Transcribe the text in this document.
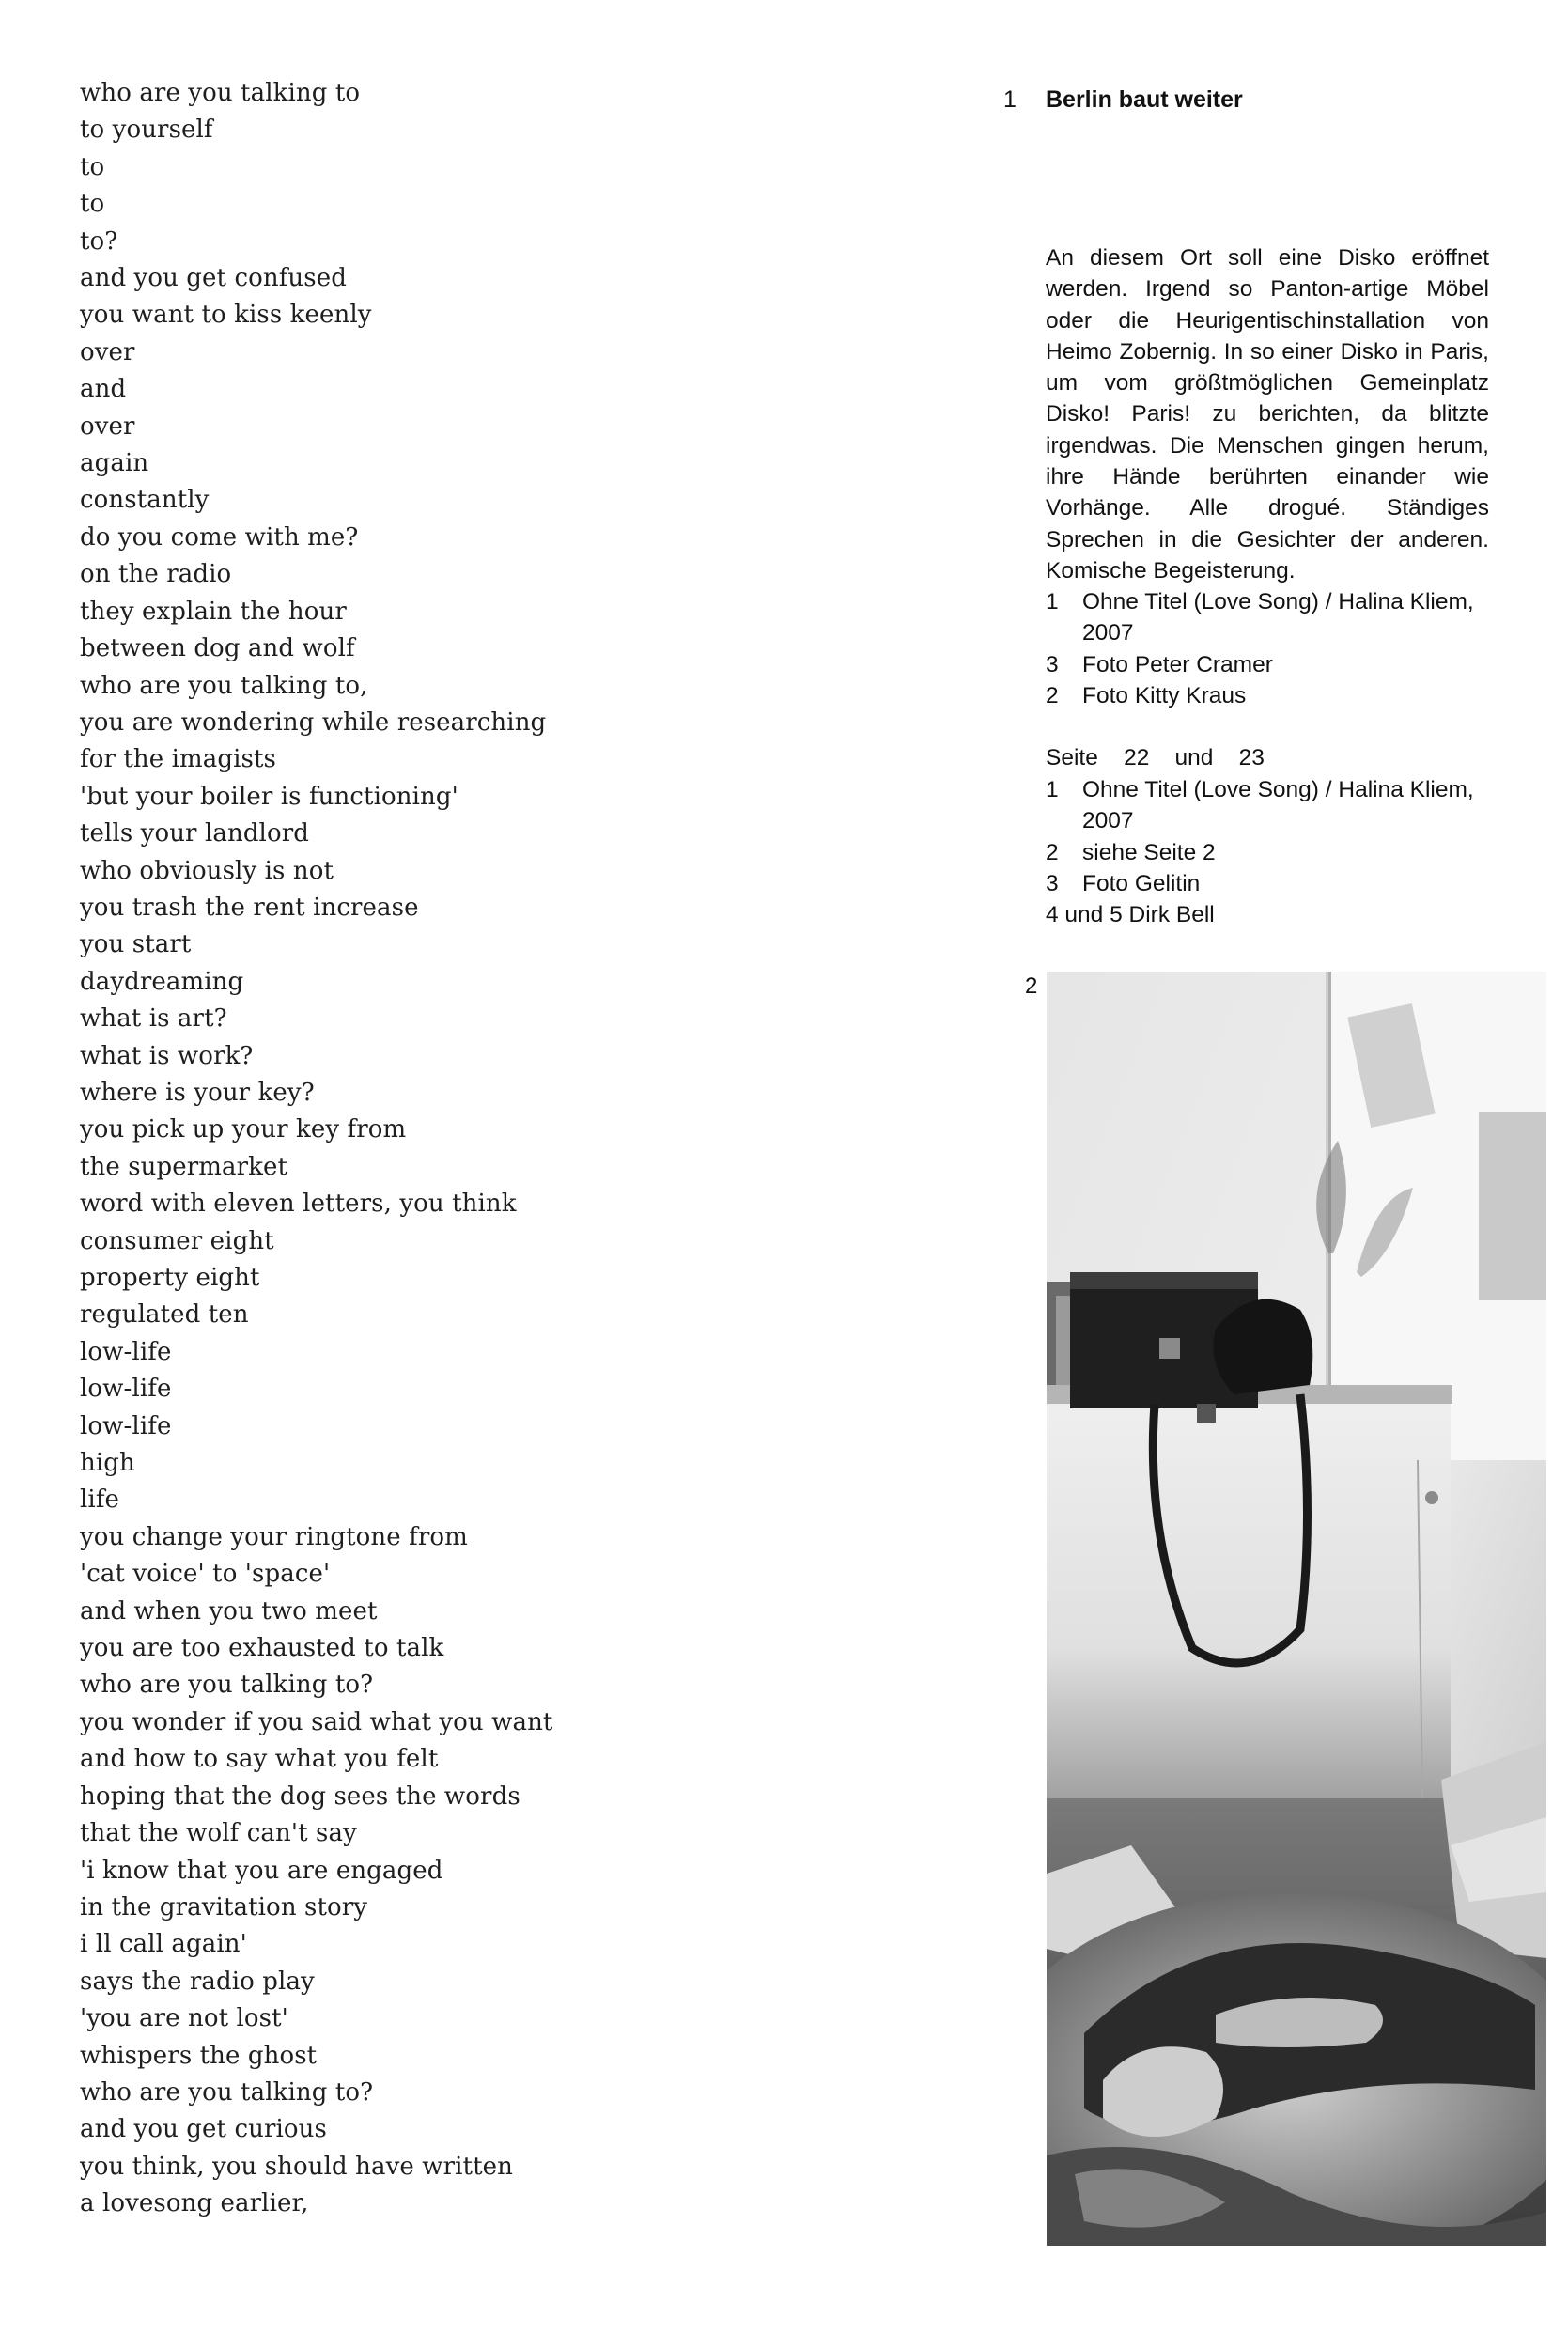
who are you talking to
to yourself
to
to
to?
and you get confused
you want to kiss keenly
over
and
over
again
constantly
do you come with me?
on the radio
they explain the hour
between dog and wolf
who are you talking to,
you are wondering while researching
for the imagists
'but your boiler is functioning'
tells your landlord
who obviously is not
you trash the rent increase
you start
daydreaming
what is art?
what is work?
where is your key?
you pick up your key from
the supermarket
word with eleven letters, you think
consumer eight
property eight
regulated ten
low-life
low-life
low-life
high
life
you change your ringtone from
'cat voice' to 'space'
and when you two meet
you are too exhausted to talk
who are you talking to?
you wonder if you said what you want
and how to say what you felt
hoping that the dog sees the words
that the wolf can't say
'i know that you are engaged
in the gravitation story
i ll call again'
says the radio play
'you are not lost'
whispers the ghost
who are you talking to?
and you get curious
you think, you should have written
a lovesong earlier,
1 Berlin baut weiter

An diesem Ort soll eine Disko eröffnet werden. Irgend so Panton-artige Möbel oder die Heurigentischinstallation von Heimo Zobernig. In so einer Disko in Paris, um vom größtmöglichen Gemeinplatz Disko! Paris! zu berichten, da blitzte irgendwas. Die Menschen gingen herum, ihre Hände berührten einander wie Vorhänge. Alle drogué. Ständiges Sprechen in die Gesichter der anderen. Komische Begeisterung.

1 Ohne Titel (Love Song) / Halina Kliem, 2007
3 Foto Peter Cramer
2 Foto Kitty Kraus
Seite    22    und    23
1 Ohne Titel (Love Song) / Halina Kliem, 2007
2 siehe Seite 2
3 Foto Gelitin
4 und 5 Dirk Bell
2
